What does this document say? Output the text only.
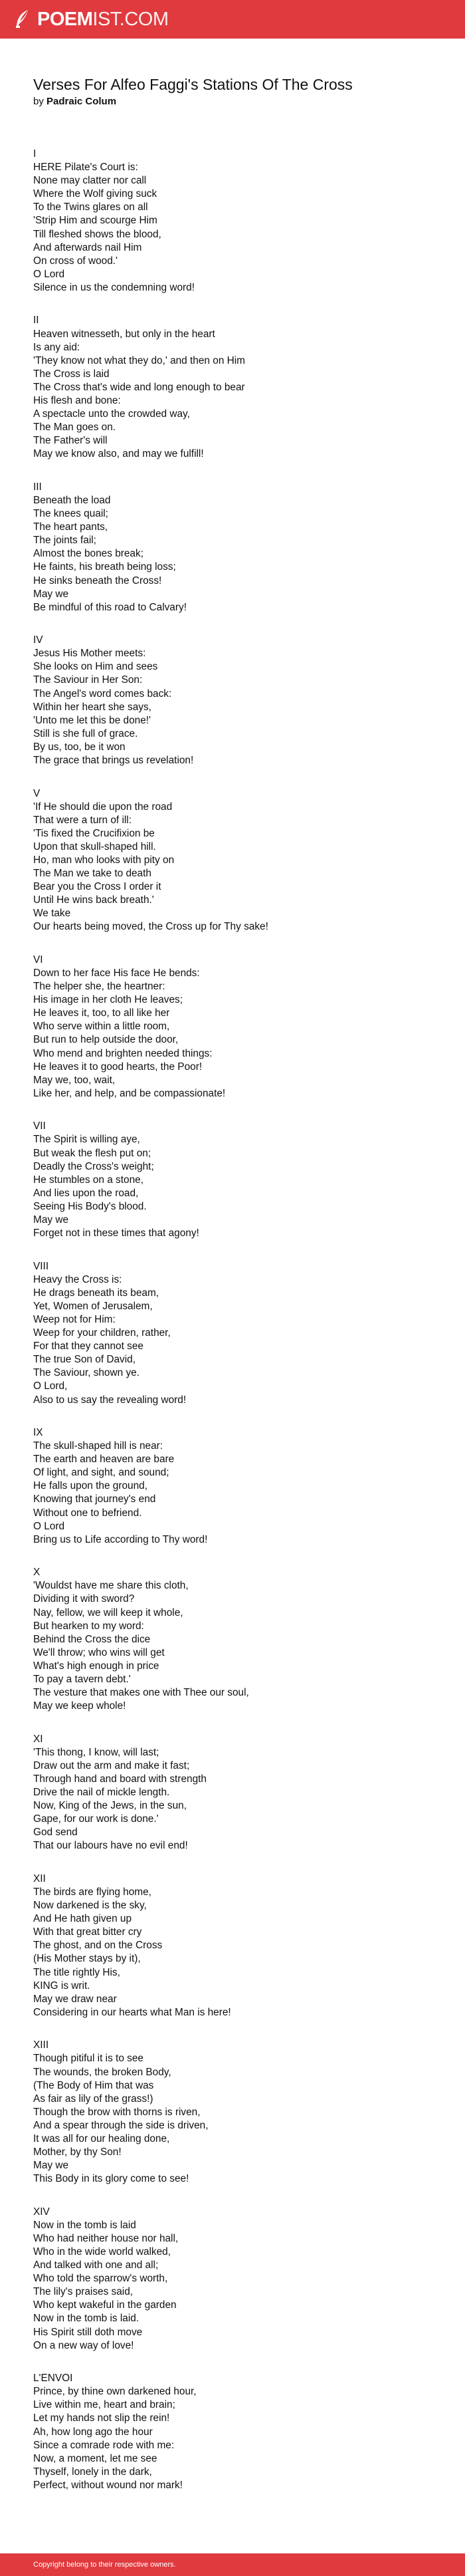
POEMIST.COM
Verses For Alfeo Faggi's Stations Of The Cross

by Padraic Colum

I
HERE Pilate's Court is:
None may clatter nor call
Where the Wolf giving suck
To the Twins glares on all
'Strip Him and scourge Him
Till fleshed shows the blood,
And afterwards nail Him
On cross of wood.'
O Lord
Silence in us the condemning word!
II
Heaven witnesseth, but only in the heart
Is any aid:
'They know not what they do,' and then on Him
The Cross is laid
The Cross that's wide and long enough to bear
His flesh and bone:
A spectacle unto the crowded way,
The Man goes on.
The Father's will
May we know also, and may we fulfill!
III
Beneath the load
The knees quail;
The heart pants,
The joints fail;
Almost the bones break;
He faints, his breath being loss;
He sinks beneath the Cross!
May we
Be mindful of this road to Calvary!
IV
Jesus His Mother meets:
She looks on Him and sees
The Saviour in Her Son:
The Angel's word comes back:
Within her heart she says,
'Unto me let this be done!'
Still is she full of grace.
By us, too, be it won
The grace that brings us revelation!
V
'If He should die upon the road
That were a turn of ill:
'Tis fixed the Crucifixion be
Upon that skull-shaped hill.
Ho, man who looks with pity on
The Man we take to death
Bear you the Cross I order it
Until He wins back breath.'
We take
Our hearts being moved, the Cross up for Thy sake!
VI
Down to her face His face He bends:
The helper she, the heartner:
His image in her cloth He leaves;
He leaves it, too, to all like her
Who serve within a little room,
But run to help outside the door,
Who mend and brighten needed things:
He leaves it to good hearts, the Poor!
May we, too, wait,
Like her, and help, and be compassionate!
VII
The Spirit is willing aye,
But weak the flesh put on;
Deadly the Cross's weight;
He stumbles on a stone,
And lies upon the road,
Seeing His Body's blood.
May we
Forget not in these times that agony!
VIII
Heavy the Cross is:
He drags beneath its beam,
Yet, Women of Jerusalem,
Weep not for Him:
Weep for your children, rather,
For that they cannot see
The true Son of David,
The Saviour, shown ye.
O Lord,
Also to us say the revealing word!
IX
The skull-shaped hill is near:
The earth and heaven are bare
Of light, and sight, and sound;
He falls upon the ground,
Knowing that journey's end
Without one to befriend.
O Lord
Bring us to Life according to Thy word!
X
'Wouldst have me share this cloth,
Dividing it with sword?
Nay, fellow, we will keep it whole,
But hearken to my word:
Behind the Cross the dice
We'll throw; who wins will get
What's high enough in price
To pay a tavern debt.'
The vesture that makes one with Thee our soul,
May we keep whole!
XI
'This thong, I know, will last;
Draw out the arm and make it fast;
Through hand and board with strength
Drive the nail of mickle length.
Now, King of the Jews, in the sun,
Gape, for our work is done.'
God send
That our labours have no evil end!
XII
The birds are flying home,
Now darkened is the sky,
And He hath given up
With that great bitter cry
The ghost, and on the Cross
(His Mother stays by it),
The title rightly His,
KING is writ.
May we draw near
Considering in our hearts what Man is here!
XIII
Though pitiful it is to see
The wounds, the broken Body,
(The Body of Him that was
As fair as lily of the grass!)
Though the brow with thorns is riven,
And a spear through the side is driven,
It was all for our healing done,
Mother, by thy Son!
May we
This Body in its glory come to see!
XIV
Now in the tomb is laid
Who had neither house nor hall,
Who in the wide world walked,
And talked with one and all;
Who told the sparrow's worth,
The lily's praises said,
Who kept wakeful in the garden
Now in the tomb is laid.
His Spirit still doth move
On a new way of love!
L'ENVOI
Prince, by thine own darkened hour,
Live within me, heart and brain;
Let my hands not slip the rein!
Ah, how long ago the hour
Since a comrade rode with me:
Now, a moment, let me see
Thyself, lonely in the dark,
Perfect, without wound nor mark!
Copyright belong to their respective owners.
